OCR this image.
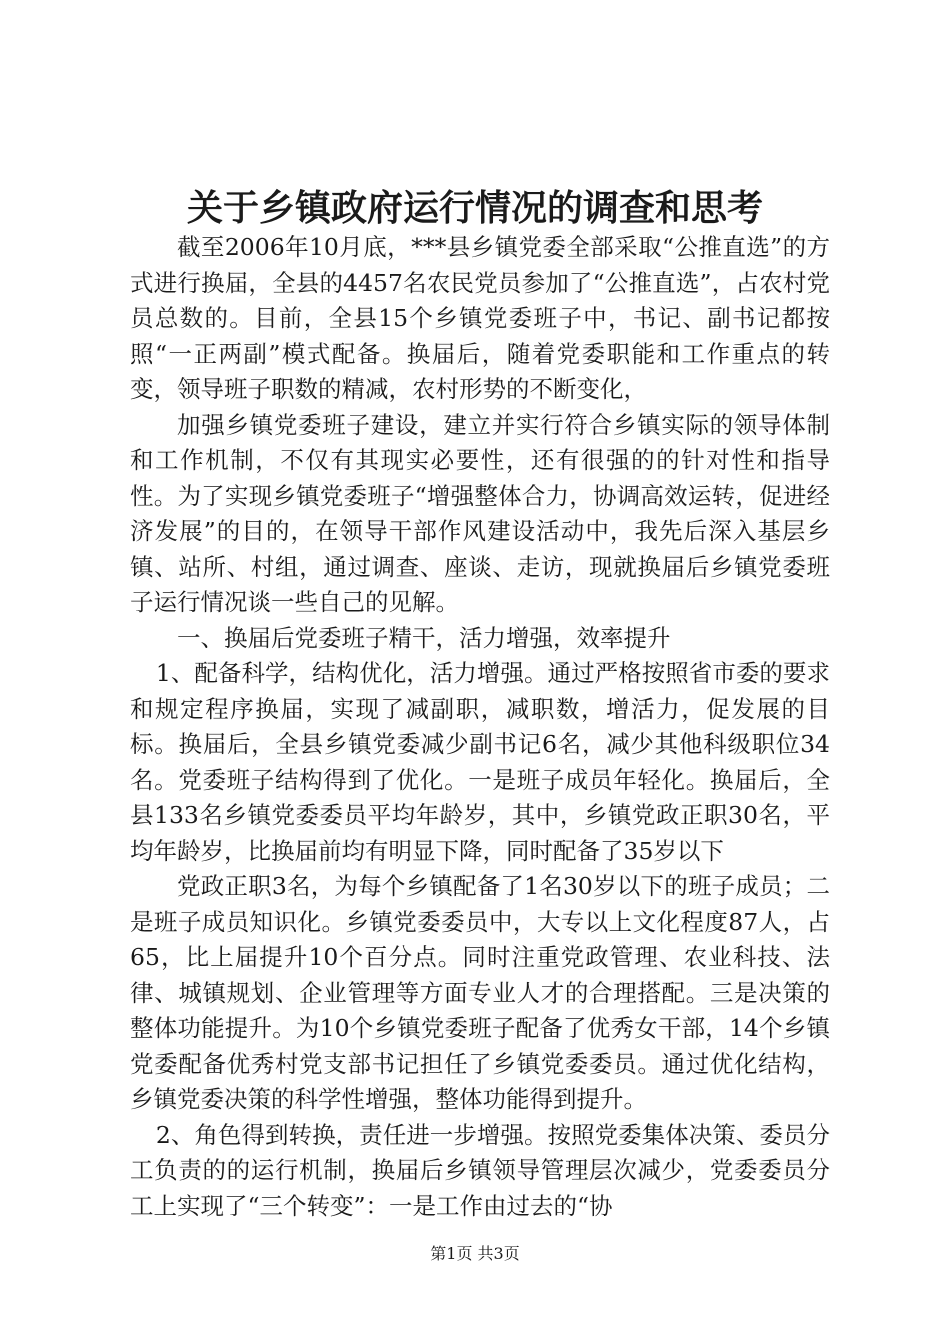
关于乡镇政府运行情况的调查和思考

截至2006年10月底，***县乡镇党委全部采取“公推直选”的方式进行换届，全县的4457名农民党员参加了“公推直选”，占农村党员总数的。目前，全县15个乡镇党委班子中，书记、副书记都按照“一正两副”模式配备。换届后，随着党委职能和工作重点的转变，领导班子职数的精减，农村形势的不断变化，

加强乡镇党委班子建设，建立并实行符合乡镇实际的领导体制和工作机制，不仅有其现实必要性，还有很强的的针对性和指导性。为了实现乡镇党委班子“增强整体合力，协调高效运转，促进经济发展”的目的，在领导干部作风建设活动中，我先后深入基层乡镇、站所、村组，通过调查、座谈、走访，现就换届后乡镇党委班子运行情况谈一些自己的见解。

一、换届后党委班子精干，活力增强，效率提升

1、配备科学，结构优化，活力增强。通过严格按照省市委的要求和规定程序换届，实现了减副职，减职数，增活力，促发展的目标。换届后，全县乡镇党委减少副书记6名，减少其他科级职位34名。党委班子结构得到了优化。一是班子成员年轻化。换届后，全县133名乡镇党委委员平均年龄岁，其中，乡镇党政正职30名，平均年龄岁，比换届前均有明显下降，同时配备了35岁以下

党政正职3名，为每个乡镇配备了1名30岁以下的班子成员；二是班子成员知识化。乡镇党委委员中，大专以上文化程度87人，占65，比上届提升10个百分点。同时注重党政管理、农业科技、法律、城镇规划、企业管理等方面专业人才的合理搭配。三是决策的整体功能提升。为10个乡镇党委班子配备了优秀女干部，14个乡镇党委配备优秀村党支部书记担任了乡镇党委委员。通过优化结构，乡镇党委决策的科学性增强，整体功能得到提升。

2、角色得到转换，责任进一步增强。按照党委集体决策、委员分工负责的的运行机制，换届后乡镇领导管理层次减少，党委委员分工上实现了“三个转变”：一是工作由过去的“协

第1页 共3页
